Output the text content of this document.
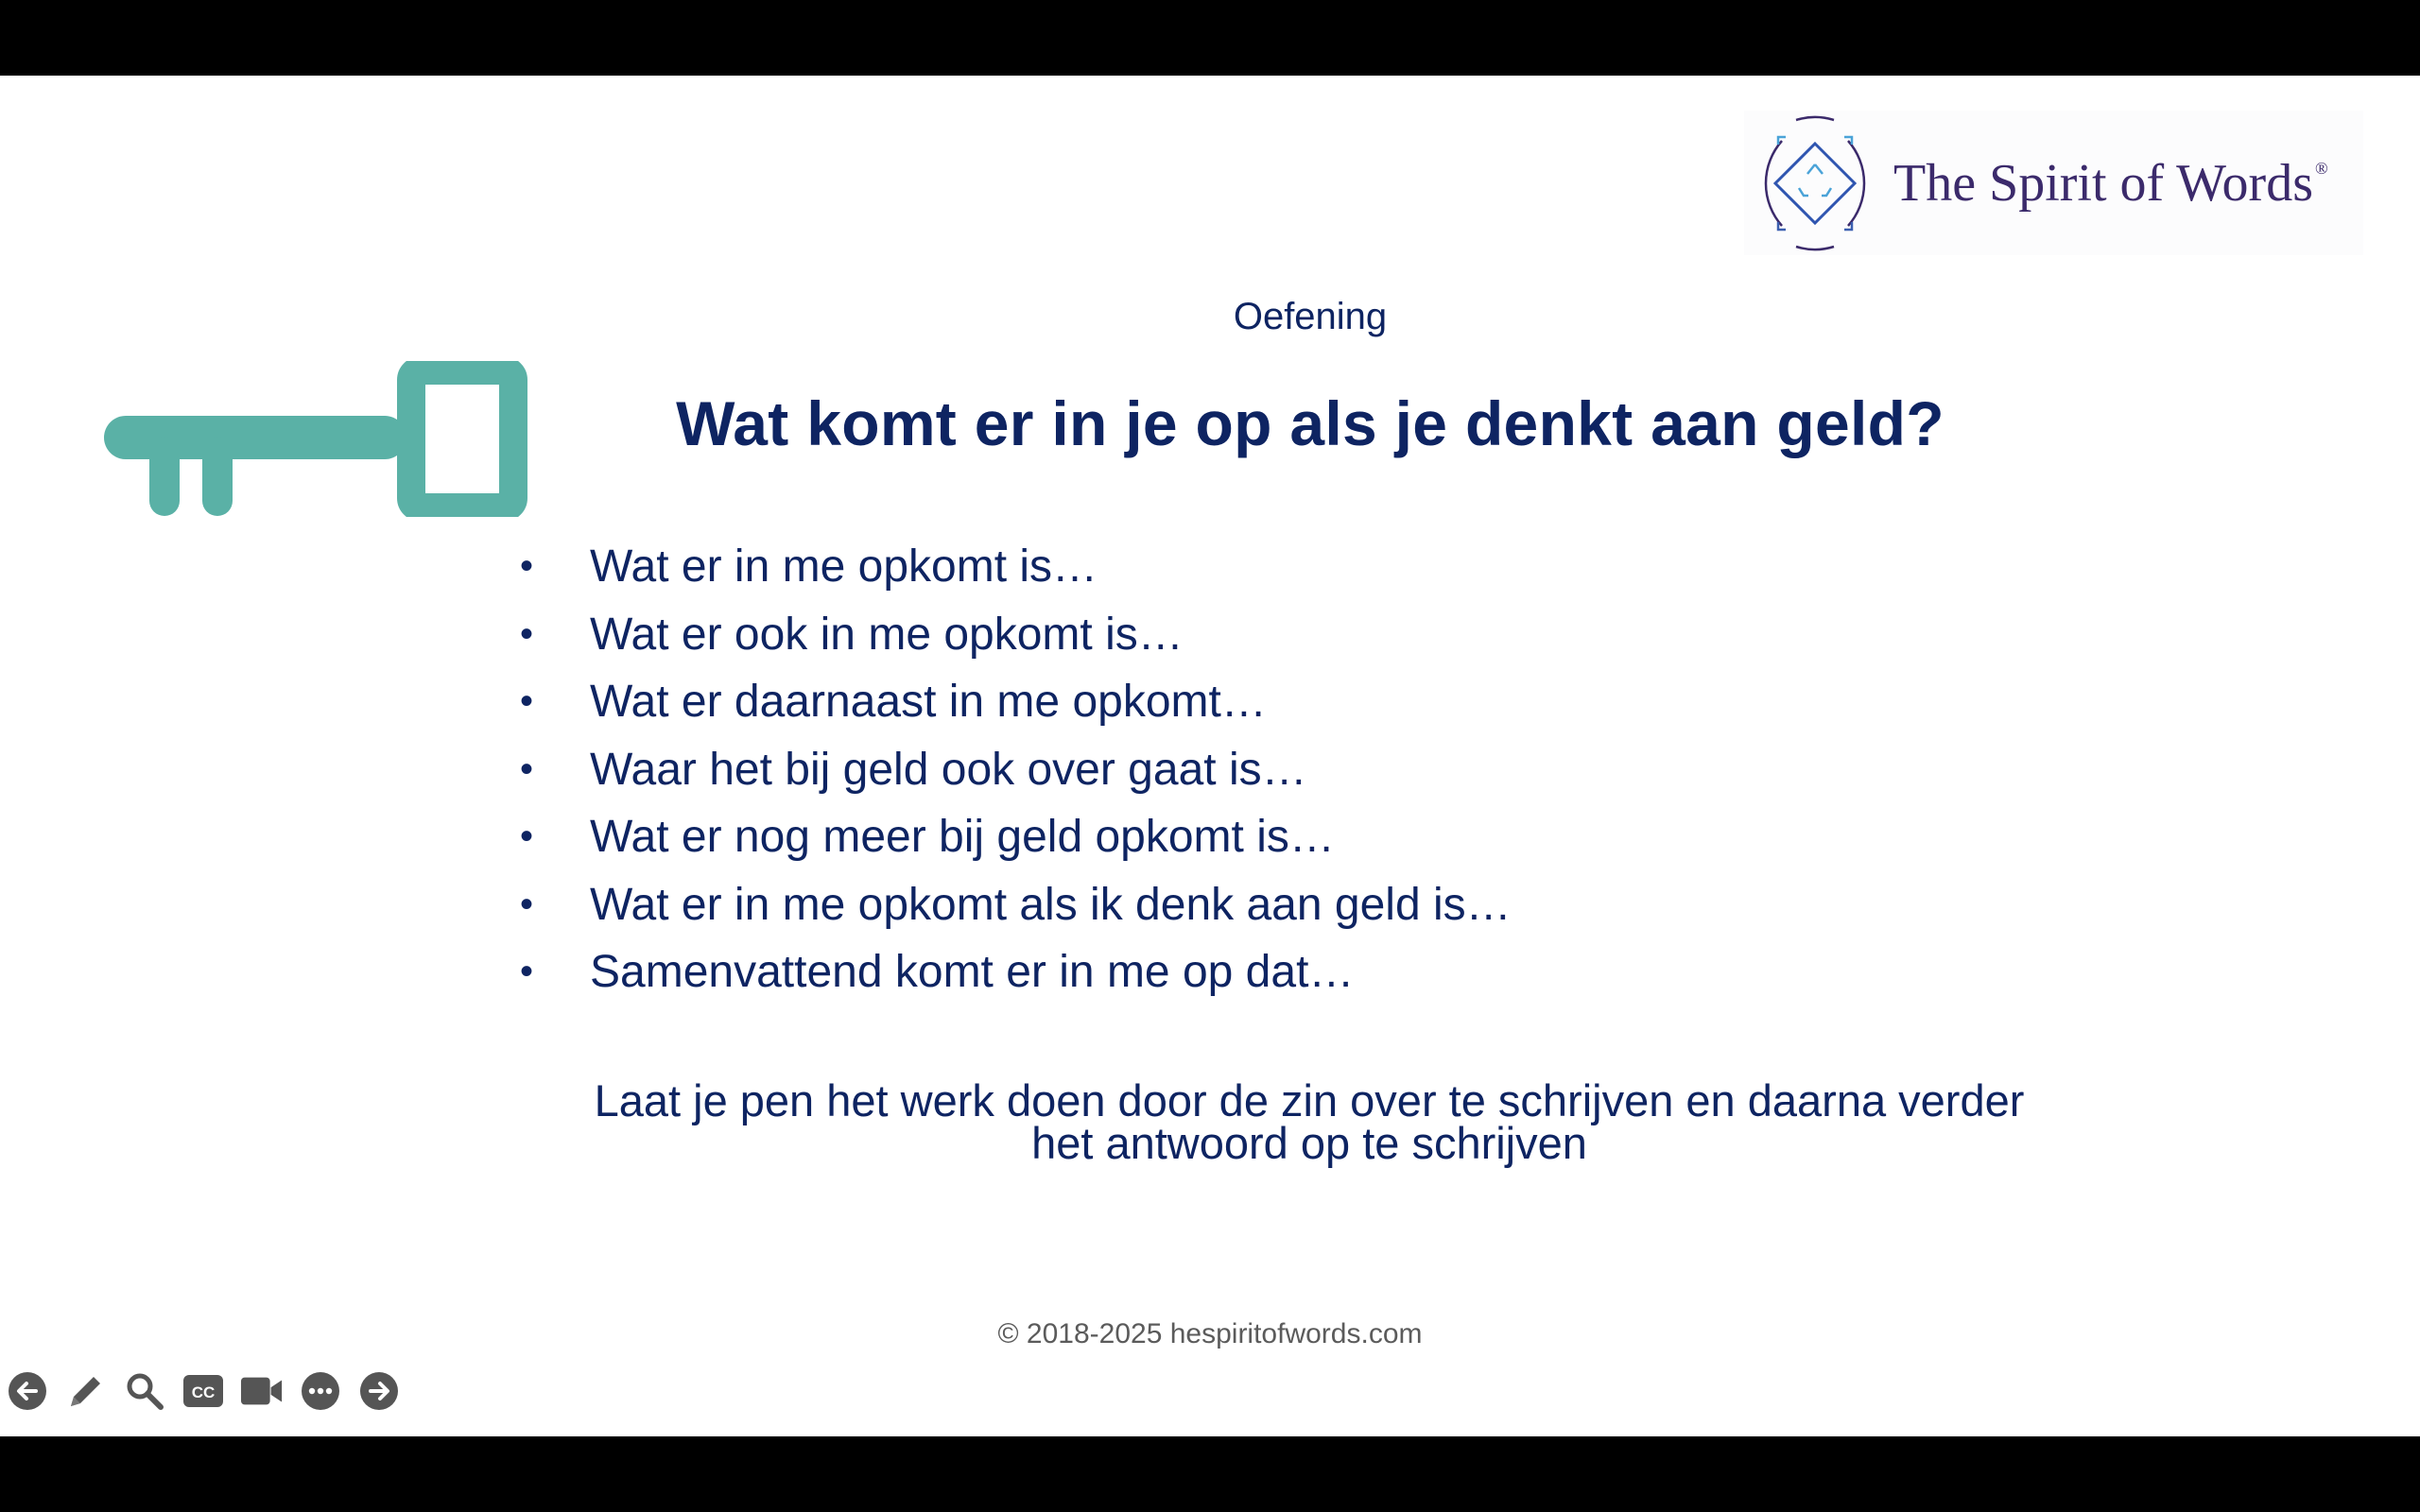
The Spirit of Words ®
Oefening
Wat komt er in je op als je denkt aan geld?
• Wat er in me opkomt is…
• Wat er ook in me opkomt is…
• Wat er daarnaast in me opkomt…
• Waar het bij geld ook over gaat is…
• Wat er nog meer bij geld opkomt is…
• Wat er in me opkomt als ik denk aan geld is…
• Samenvattend komt er in me op dat…
Laat je pen het werk doen door de zin over te schrijven en daarna verder
het antwoord op te schrijven
© 2018-2025 hespiritofwords.com
CC
